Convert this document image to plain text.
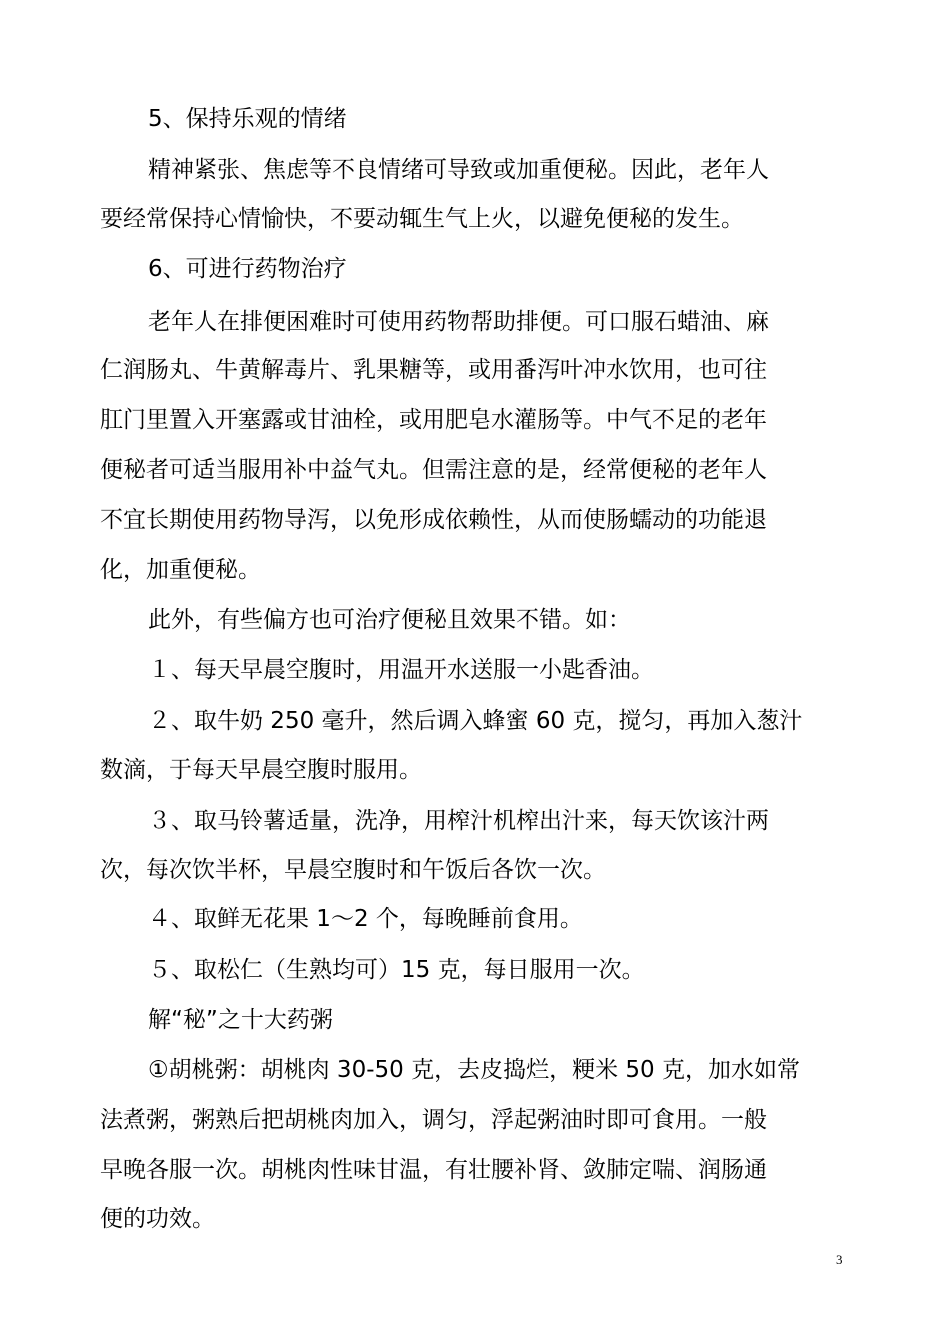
5、保持乐观的情绪
精神紧张、焦虑等不良情绪可导致或加重便秘。因此，老年人
要经常保持心情愉快，不要动辄生气上火，以避免便秘的发生。
6、可进行药物治疗
老年人在排便困难时可使用药物帮助排便。可口服石蜡油、麻
仁润肠丸、牛黄解毒片、乳果糖等，或用番泻叶冲水饮用，也可往
肛门里置入开塞露或甘油栓，或用肥皂水灌肠等。中气不足的老年
便秘者可适当服用补中益气丸。但需注意的是，经常便秘的老年人
不宜长期使用药物导泻，以免形成依赖性，从而使肠蠕动的功能退
化，加重便秘。
此外，有些偏方也可治疗便秘且效果不错。如：
１、每天早晨空腹时，用温开水送服一小匙香油。
２、取牛奶 250 毫升，然后调入蜂蜜 60 克，搅匀，再加入葱汁
数滴，于每天早晨空腹时服用。
３、取马铃薯适量，洗净，用榨汁机榨出汁来，每天饮该汁两
次，每次饮半杯，早晨空腹时和午饭后各饮一次。
４、取鲜无花果 1～2 个，每晚睡前食用。
５、取松仁（生熟均可）15 克，每日服用一次。
解“秘”之十大药粥
①胡桃粥：胡桃肉 30-50 克，去皮捣烂，粳米 50 克，加水如常
法煮粥，粥熟后把胡桃肉加入，调匀，浮起粥油时即可食用。一般
早晚各服一次。胡桃肉性味甘温，有壮腰补肾、敛肺定喘、润肠通
便的功效。
3
